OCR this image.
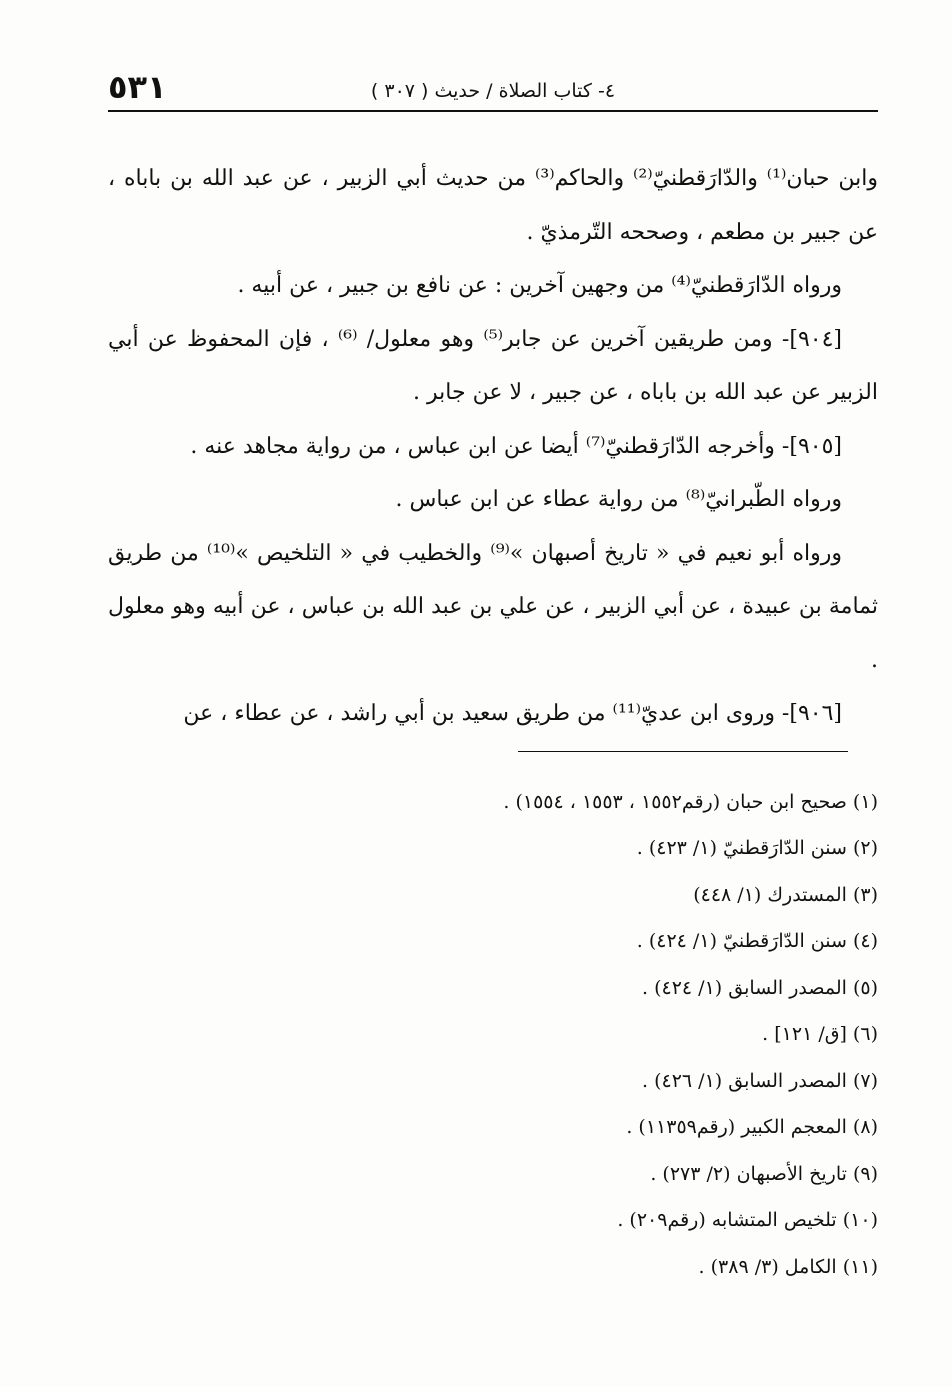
٥٣١	٤- كتاب الصلاة / حديث ( ٣٠٧ )

وابن حبان⁽¹⁾ والدّارَقطنيّ⁽²⁾ والحاكم⁽³⁾ من حديث أبي الزبير ، عن عبد الله بن باباه ، عن جبير بن مطعم ، وصححه التّرمذيّ .

ورواه الدّارَقطنيّ⁽⁴⁾ من وجهين آخرين : عن نافع بن جبير ، عن أبيه .

[٩٠٤]- ومن طريقين آخرين عن جابر⁽⁵⁾ وهو معلول/ ⁽⁶⁾ ، فإن المحفوظ عن أبي الزبير عن عبد الله بن باباه ، عن جبير ، لا عن جابر .

[٩٠٥]- وأخرجه الدّارَقطنيّ⁽⁷⁾ أيضا عن ابن عباس ، من رواية مجاهد عنه .

ورواه الطّبرانيّ⁽⁸⁾ من رواية عطاء عن ابن عباس .

ورواه أبو نعيم في « تاريخ أصبهان »⁽⁹⁾ والخطيب في « التلخيص »⁽¹⁰⁾ من طريق ثمامة بن عبيدة ، عن أبي الزبير ، عن علي بن عبد الله بن عباس ، عن أبيه وهو معلول .

[٩٠٦]- وروى ابن عديّ⁽¹¹⁾ من طريق سعيد بن أبي راشد ، عن عطاء ، عن

(١) صحيح ابن حبان (رقم١٥٥٢ ، ١٥٥٣ ، ١٥٥٤) .
(٢) سنن الدّارَقطنيّ (١/ ٤٢٣) .
(٣) المستدرك (١/ ٤٤٨)
(٤) سنن الدّارَقطنيّ (١/ ٤٢٤) .
(٥) المصدر السابق (١/ ٤٢٤) .
(٦) [ق/ ١٢١] .
(٧) المصدر السابق (١/ ٤٢٦) .
(٨) المعجم الكبير (رقم١١٣٥٩) .
(٩) تاريخ الأصبهان (٢/ ٢٧٣) .
(١٠) تلخيص المتشابه (رقم٢٠٩) .
(١١) الكامل (٣/ ٣٨٩) .
